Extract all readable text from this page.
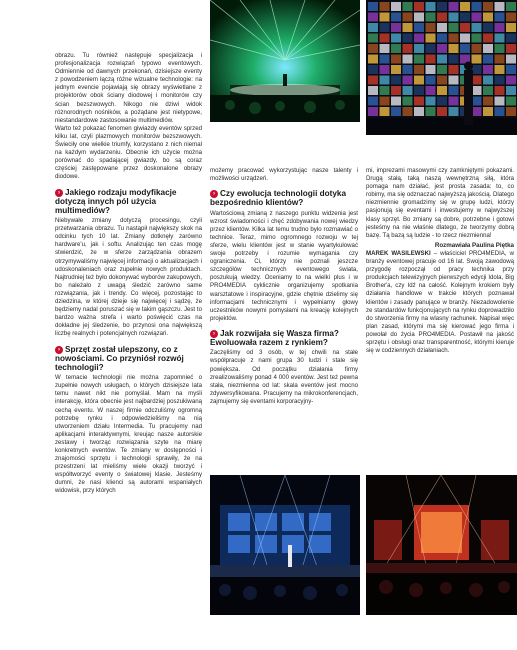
obrazu. Tu również następuje specjalizacja i profesjonalizacja rozwiązań typowo eventowych. Odmiennie od dawnych przekonań, dzisiejsze eventy z powodzeniem łączą różne wizualne technologie: na jednym evencie pojawiają się obrazy wyświetlane z projektorów obok ściany diodowej i monitorów czy ścian bezszwowych. Nikogo nie dziwi widok różnorodnych nośników, a pożądane jest nietypowe, niestandardowe zastosowanie multimediów.

Warto też pokazać fenomen giwiazdy eventów sprzed kilku lat, czyli plazmowych monitorów bezszwowych. Świeciły one wielkie triumfy, korzystano z nich niemal na każdym wydarzeniu. Obecnie ich użycie można porównać do spadającej gwiazdy, bo są coraz częściej zastępowane przez doskonalone obrazy diodowe.

› Jakiego rodzaju modyfikacje dotyczą innych pól użycia multimediów?

Niebywałe zmiany dotyczą procesingu, czyli przetwarzania obrazu. Tu nastąpił największy skok na odcinku tych 10 lat. Zmiany dotknęły zarówno hardware'u, jak i softu. Analizując ten czas mogę stwierdzić, że w sferze zarządzania obrazem otrzymywaliśmy najwięcej informacji o aktualizacjach i udoskonaleniach oraz zupełnie nowych produktach. Najtrudniej też było dokonywać wyborów zakupowych, bo należało z uwagą śledzić zarówno same rozwiązania, jak i trendy. Co więcej, pozostając to dziedzina, w której dzieje się najwięcej i sądzę, że będziemy nadal poruszać się w takim gąszczu. Jest to bardzo ważna strefa i warto poświęcić czas na dokładne jej śledzenie, bo przynosi ona największą liczbę realnych i potencjalnych rozwiązań.

› Sprzęt został ulepszony, co z nowościami. Co przyniósł rozwój technologii?

W temacie technologii nie można zapomnieć o zupełnie nowych usługach, o których dzisiejsze lata temu nawet nikt nie pomyślał. Mam na myśli interakcję, która obecnie jest najbardziej poszukiwaną cechą eventu. W naszej firmie odczuliśmy ogromną potrzebę rynku i odpowiedzieliśmy na nią utworzeniem działu Intermedia. Tu pracujemy nad aplikacjami interaktywnymi, kreując nasze autorskie zestawy i tworząc rozwiązania szyte na miarę konkretnych eventów. Te zmiany w dostępności i znajomości sprzętu i technologii sprawiły, że na przestrzeni lat mieliśmy wiele okazji tworzyć i współtworzyć eventy o światowej klasie. Jesteśmy dumni, że nasi klienci są autorami wspaniałych widowisk, przy których

możemy pracować wykorzystując nasze talenty i możliwości urządzeń.

› Czy ewolucja technologii dotyka bezpośrednio klientów?

Wartościową zmianą z naszego punktu widzenia jest wzrost świadomości i chęć zdobywania nowej wiedzy przez klientów. Kilka lat temu trudno było rozmawiać o technice. Teraz, mimo ogromnego rozwoju w tej sferze, wielu klientów jest w stanie wyartykułować swoje potrzeby i rozumie wymagania czy ograniczenia. Ci, którzy nie poznali jeszcze szczegółów technicznych eventowego świata, poszukują wiedzy. Oceniamy to na wielki plus i w PRO4MEDIA cyklicznie organizujemy spotkania warsztatowe i inspiracyjne, gdzie chętnie dzielimy się informacjami technicznymi i wypełniamy głowy uczestników nowymi pomysłami na kreację kolejnych projektów.

› Jak rozwijała się Wasza firma? Ewoluowała razem z rynkiem?

Zaczęliśmy od 3 osób, w tej chwili na stałe współpracuje z nami grupa 30 ludzi i stale się powiększa. Od początku działania firmy zrealizowaliśmy ponad 4 000 eventów. Jest też pewna stała, niezmienna od lat: skala eventów jest mocno zdywersyfikowana. Pracujemy na mikrokonferencjach, zajmujemy się eventami korporacyjny-

mi, imprezami masowymi czy zamkniętymi pokazami. Drugą stałą, taką naszą wewnętrzną siłą, która pomaga nam działać, jest prosta zasada: to, co robimy, ma się odznaczać najwyższą jakością. Dlatego niezmiennie gromadzimy się w grupę ludzi, którzy pasjonują się eventami i inwestujemy w najwyższej klasy sprzęt. Bo zmiany są dobre, potrzebne i gotowi jesteśmy na nie właśnie dlatego, że tworzymy dobrą bazę. Tą bazą są ludzie - to rzecz niezmienna!

Rozmawiała Paulina Piętka

MAREK WASILEWSKI – właściciel PRO4MEDIA, w branży eventowej pracuje od 16 lat. Swoją zawodową przygodę rozpoczął od pracy technika przy produkcjach telewizyjnych pierwszych edycji Idola, Big Brother'a, czy Idź na całość. Kolejnym krokiem były działania handlowe w trakcie których poznawał klientów i zasady panujące w branży. Niezadowolenie ze standardów funkcjonujących na rynku doprowadziło do stworzenia firmy na wlasny rachunek. Napisał więc plan zasad, którymi ma się kierować jego firma i powołał do życia PRO4MEDIA. Postawił na jakość sprzętu i obsługi oraz transparentność, którymi kieruje się w codziennych działaniach.
